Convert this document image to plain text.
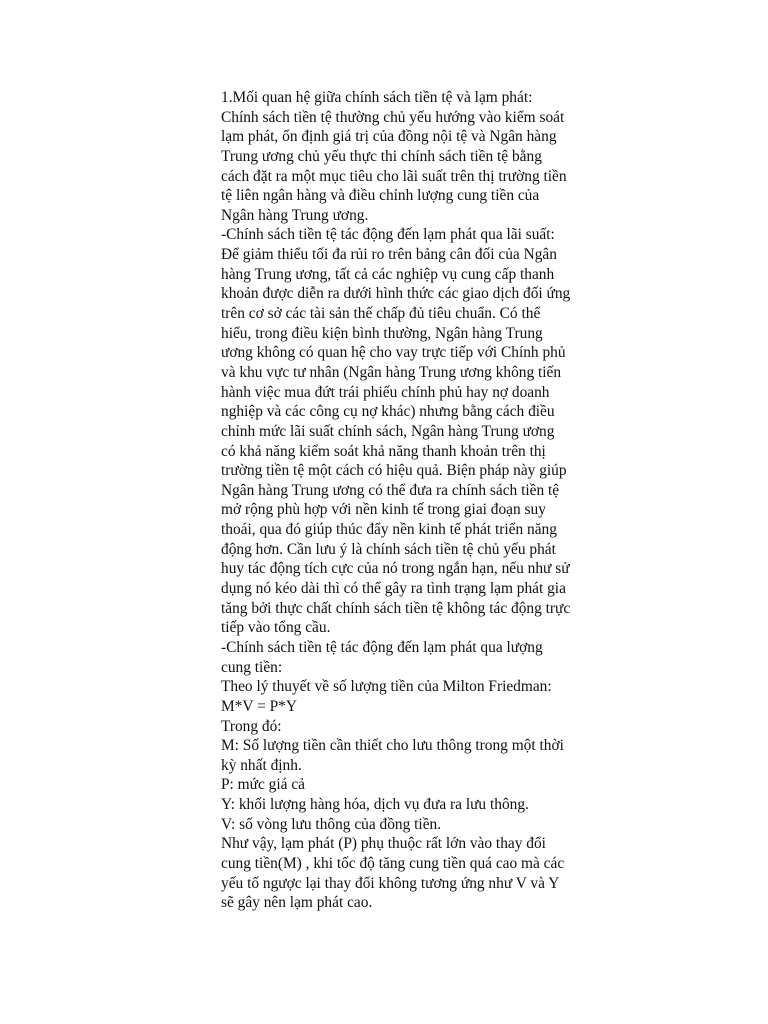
1.Mối quan hệ giữa chính sách tiền tệ và lạm phát:
Chính sách tiền tệ thường chủ yếu hướng vào kiểm soát
lạm phát, ổn định giá trị của đồng nội tệ và Ngân hàng
Trung ương chủ yếu thực thi chính sách tiền tệ bằng
cách đặt ra một mục tiêu cho lãi suất trên thị trường tiền
tệ liên ngân hàng và điều chỉnh lượng cung tiền của
Ngân hàng Trung ương.
-Chính sách tiền tệ tác động đến lạm phát qua lãi suất:
Để giảm thiểu tối đa rủi ro trên bảng cân đối của Ngân
hàng Trung ương, tất cả các nghiệp vụ cung cấp thanh
khoản được diễn ra dưới hình thức các giao dịch đối ứng
trên cơ sở các tài sản thế chấp đủ tiêu chuẩn. Có thể
hiểu, trong điều kiện bình thường, Ngân hàng Trung
ương không có quan hệ cho vay trực tiếp với Chính phủ
và khu vực tư nhân (Ngân hàng Trung ương không tiến
hành việc mua đứt trái phiếu chính phủ hay nợ doanh
nghiệp và các công cụ nợ khác) nhưng bằng cách điều
chỉnh mức lãi suất chính sách, Ngân hàng Trung ương
có khả năng kiểm soát khả năng thanh khoản trên thị
trường tiền tệ một cách có hiệu quả. Biện pháp này giúp
Ngân hàng Trung ương có thể đưa ra chính sách tiền tệ
mở rộng phù hợp với nền kinh tế trong giai đoạn suy
thoái, qua đó giúp thúc đẩy nền kinh tế phát triển năng
động hơn. Cần lưu ý là chính sách tiền tệ chủ yếu phát
huy tác động tích cực của nó trong ngắn hạn, nếu như sử
dụng nó kéo dài thì có thể gây ra tình trạng lạm phát gia
tăng bởi thực chất chính sách tiền tệ không tác động trực
tiếp vào tổng cầu.
-Chính sách tiền tệ tác động đến lạm phát qua lượng
cung tiền:
Theo lý thuyết về số lượng tiền của Milton Friedman:
M*V = P*Y
Trong đó:
M: Số lượng tiền cần thiết cho lưu thông trong một thời
kỳ nhất định.
P: mức giá cả
Y: khối lượng hàng hóa, dịch vụ đưa ra lưu thông.
V: số vòng lưu thông của đồng tiền.
Như vậy, lạm phát (P) phụ thuộc rất lớn vào thay đổi
cung tiền(M) , khi tốc độ tăng cung tiền quá cao mà các
yếu tố ngược lại thay đổi không tương ứng như V và Y
sẽ gây nên lạm phát cao.
